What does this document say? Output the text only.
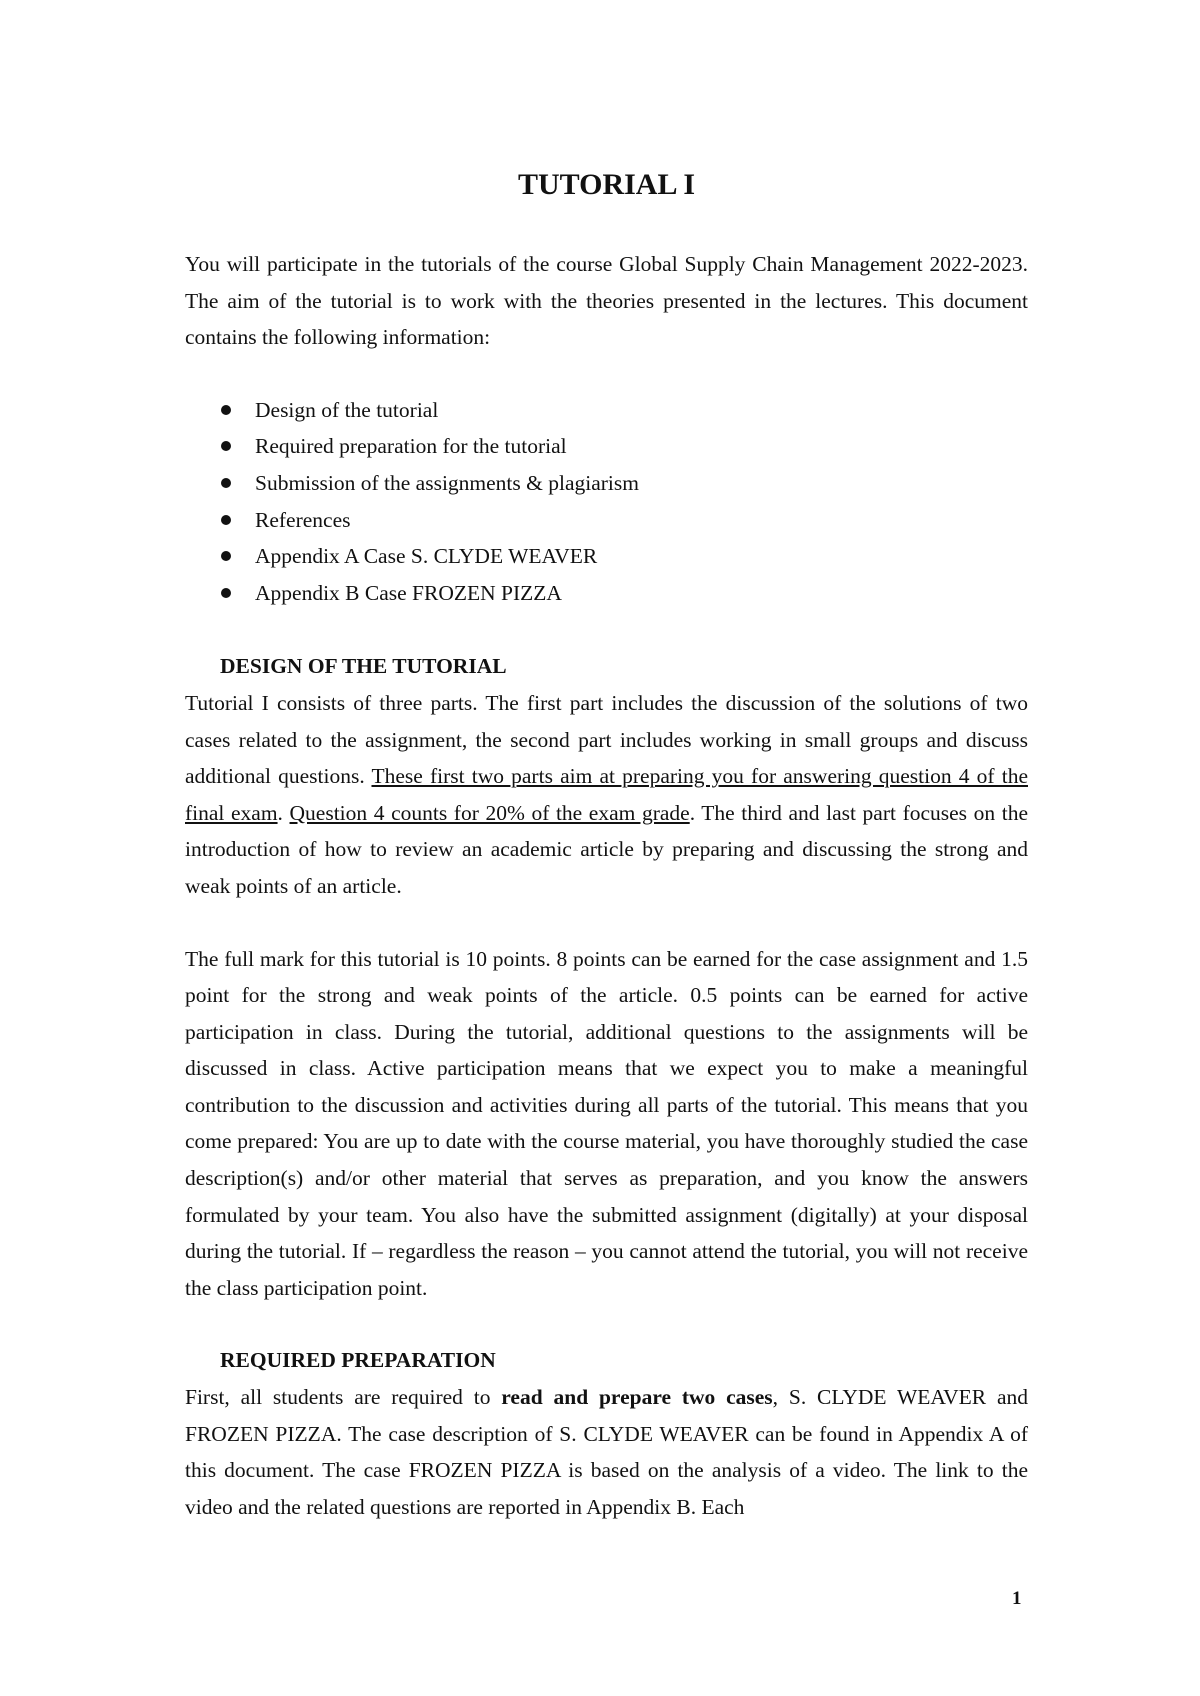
TUTORIAL I

You will participate in the tutorials of the course Global Supply Chain Management 2022-2023. The aim of the tutorial is to work with the theories presented in the lectures. This document contains the following information:

Design of the tutorial
Required preparation for the tutorial
Submission of the assignments & plagiarism
References
Appendix A Case S. CLYDE WEAVER
Appendix B Case FROZEN PIZZA
DESIGN OF THE TUTORIAL

Tutorial I consists of three parts. The first part includes the discussion of the solutions of two cases related to the assignment, the second part includes working in small groups and discuss additional questions. These first two parts aim at preparing you for answering question 4 of the final exam. Question 4 counts for 20% of the exam grade. The third and last part focuses on the introduction of how to review an academic article by preparing and discussing the strong and weak points of an article.

The full mark for this tutorial is 10 points. 8 points can be earned for the case assignment and 1.5 point for the strong and weak points of the article. 0.5 points can be earned for active participation in class. During the tutorial, additional questions to the assignments will be discussed in class. Active participation means that we expect you to make a meaningful contribution to the discussion and activities during all parts of the tutorial. This means that you come prepared: You are up to date with the course material, you have thoroughly studied the case description(s) and/or other material that serves as preparation, and you know the answers formulated by your team. You also have the submitted assignment (digitally) at your disposal during the tutorial. If – regardless the reason – you cannot attend the tutorial, you will not receive the class participation point.

REQUIRED PREPARATION

First, all students are required to read and prepare two cases, S. CLYDE WEAVER and FROZEN PIZZA. The case description of S. CLYDE WEAVER can be found in Appendix A of this document. The case FROZEN PIZZA is based on the analysis of a video. The link to the video and the related questions are reported in Appendix B. Each

1
